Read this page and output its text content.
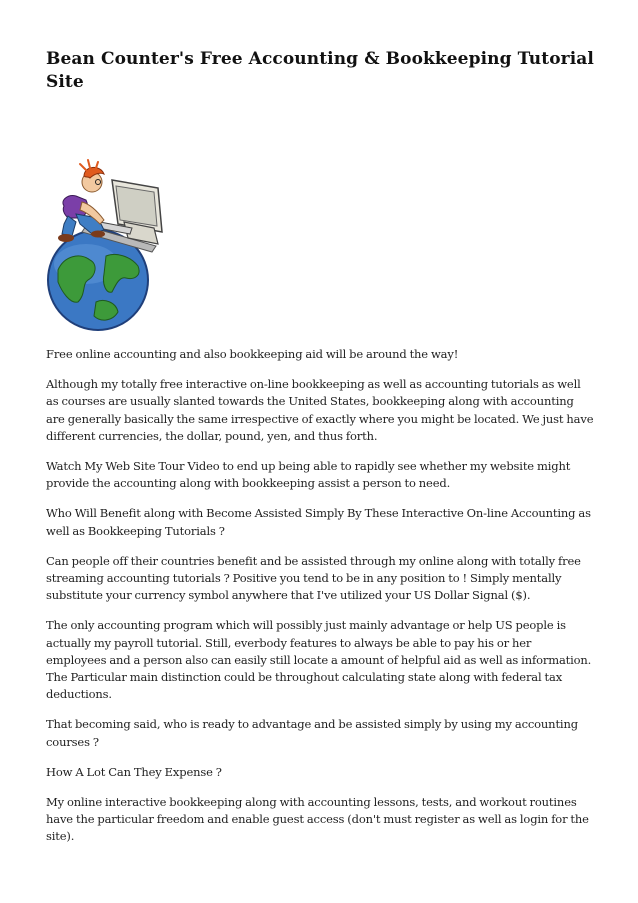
Bean Counter's Free Accounting & Bookkeeping Tutorial Site

Free online accounting and also bookkeeping aid will be around the way!

Although my totally free interactive on-line bookkeeping as well as accounting tutorials as well as courses are usually slanted towards the United States, bookkeeping along with accounting are generally basically the same irrespective of exactly where you might be located. We just have different currencies, the dollar, pound, yen, and thus forth.

Watch My Web Site Tour Video to end up being able to rapidly see whether my website might provide the accounting along with bookkeeping assist a person to need.

Who Will Benefit along with Become Assisted Simply By These Interactive On-line Accounting as well as Bookkeeping Tutorials ?

Can people off their countries benefit and be assisted through my online along with totally free streaming accounting tutorials ? Positive you tend to be in any position to ! Simply mentally substitute your currency symbol anywhere that I've utilized your US Dollar Signal ($).

The only accounting program which will possibly just mainly advantage or help US people is actually my payroll tutorial. Still, everbody features to always be able to pay his or her employees and a person also can easily still locate a amount of helpful aid as well as information. The Particular main distinction could be throughout calculating state along with federal tax deductions.

That becoming said, who is ready to advantage and be assisted simply by using my accounting courses ?

How A Lot Can They Expense ?

My online interactive bookkeeping along with accounting lessons, tests, and workout routines have the particular freedom and enable guest access (don't must register as well as login for the site).
